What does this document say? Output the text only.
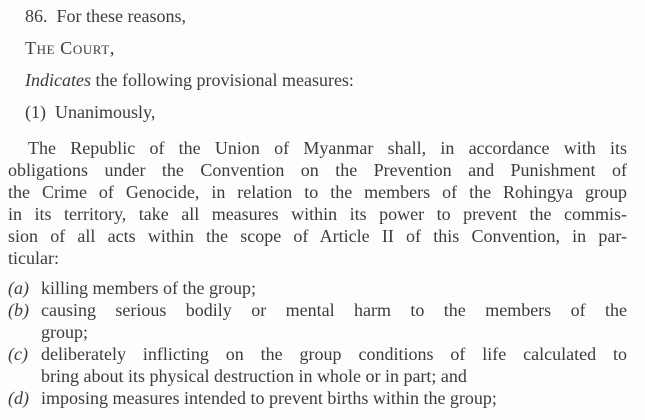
86.  For these reasons,

The Court,

Indicates the following provisional measures:

(1)  Unanimously,

The Republic of the Union of Myanmar shall, in accordance with its
obligations under the Convention on the Prevention and Punishment of
the Crime of Genocide, in relation to the members of the Rohingya group
in its territory, take all measures within its power to prevent the commis-
sion of all acts within the scope of Article II of this Convention, in par-
ticular:
(a) killing members of the group;
(b) causing serious bodily or mental harm to the members of the
group;
(c) deliberately inflicting on the group conditions of life calculated to
bring about its physical destruction in whole or in part; and
(d) imposing measures intended to prevent births within the group;
